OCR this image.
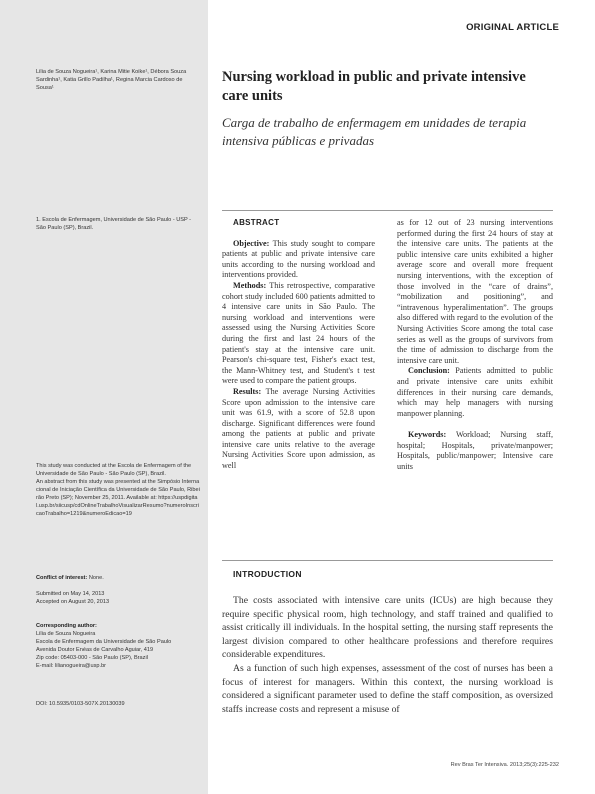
ORIGINAL ARTICLE
Lilia de Souza Nogueira¹, Karina Mitie Koike¹, Débora Souza Sardinha¹, Katia Grillo Padilha¹, Regina Marcia Cardoso de Sousa¹
1. Escola de Enfermagem, Universidade de São Paulo - USP - São Paulo (SP), Brazil.

This study was conducted at the Escola de Enfermagem of the Universidade de São Paulo - São Paulo (SP), Brazil.

An abstract from this study was presented at the Simpósio Internacional de Iniciação Científica da Universidade de São Paulo, Ribeirão Preto (SP); November 25, 2011. Available at: https://uspdigital.usp.br/siicusp/cdOnlineTrabalhoVisualizarResumo?numeroInscricaoTrabalho=1219&numeroEdicao=19

Conflict of interest: None.
Submitted on May 14, 2013
Accepted on August 20, 2013
Corresponding author:
Lilia de Souza Nogueira
Escola de Enfermagem da Universidade de São Paulo
Avenida Doutor Enéas de Carvalho Aguiar, 419
Zip code: 05403-000 - São Paulo (SP), Brazil
E-mail: lilianogueira@usp.br
DOI: 10.5935/0103-507X.20130039
Nursing workload in public and private intensive care units
Carga de trabalho de enfermagem em unidades de terapia intensiva públicas e privadas
ABSTRACT

Objective: This study sought to compare patients at public and private intensive care units according to the nursing workload and interventions provided.

Methods: This retrospective, comparative cohort study included 600 patients admitted to 4 intensive care units in São Paulo. The nursing workload and interventions were assessed using the Nursing Activities Score during the first and last 24 hours of the patient's stay at the intensive care unit. Pearson's chi-square test, Fisher's exact test, the Mann-Whitney test, and Student's t test were used to compare the patient groups.

Results: The average Nursing Activities Score upon admission to the intensive care unit was 61.9, with a score of 52.8 upon discharge. Significant differences were found among the patients at public and private intensive care units relative to the average Nursing Activities Score upon admission, as well

as for 12 out of 23 nursing interventions performed during the first 24 hours of stay at the intensive care units. The patients at the public intensive care units exhibited a higher average score and overall more frequent nursing interventions, with the exception of those involved in the “care of drains”, “mobilization and positioning”, and “intravenous hyperalimentation”. The groups also differed with regard to the evolution of the Nursing Activities Score among the total case series as well as the groups of survivors from the time of admission to discharge from the intensive care unit.

Conclusion: Patients admitted to public and private intensive care units exhibit differences in their nursing care demands, which may help managers with nursing manpower planning.

Keywords: Workload; Nursing staff, hospital; Hospitals, private/manpower; Hospitals, public/manpower; Intensive care units

INTRODUCTION

The costs associated with intensive care units (ICUs) are high because they require specific physical room, high technology, and staff trained and qualified to assist critically ill individuals. In the hospital setting, the nursing staff represents the largest division compared to other healthcare professions and therefore requires considerable expenditures.

As a function of such high expenses, assessment of the cost of nurses has been a focus of interest for managers. Within this context, the nursing workload is considered a significant parameter used to define the staff composition, as oversized staffs increase costs and represent a misuse of

Rev Bras Ter Intensiva. 2013;25(3):225-232
